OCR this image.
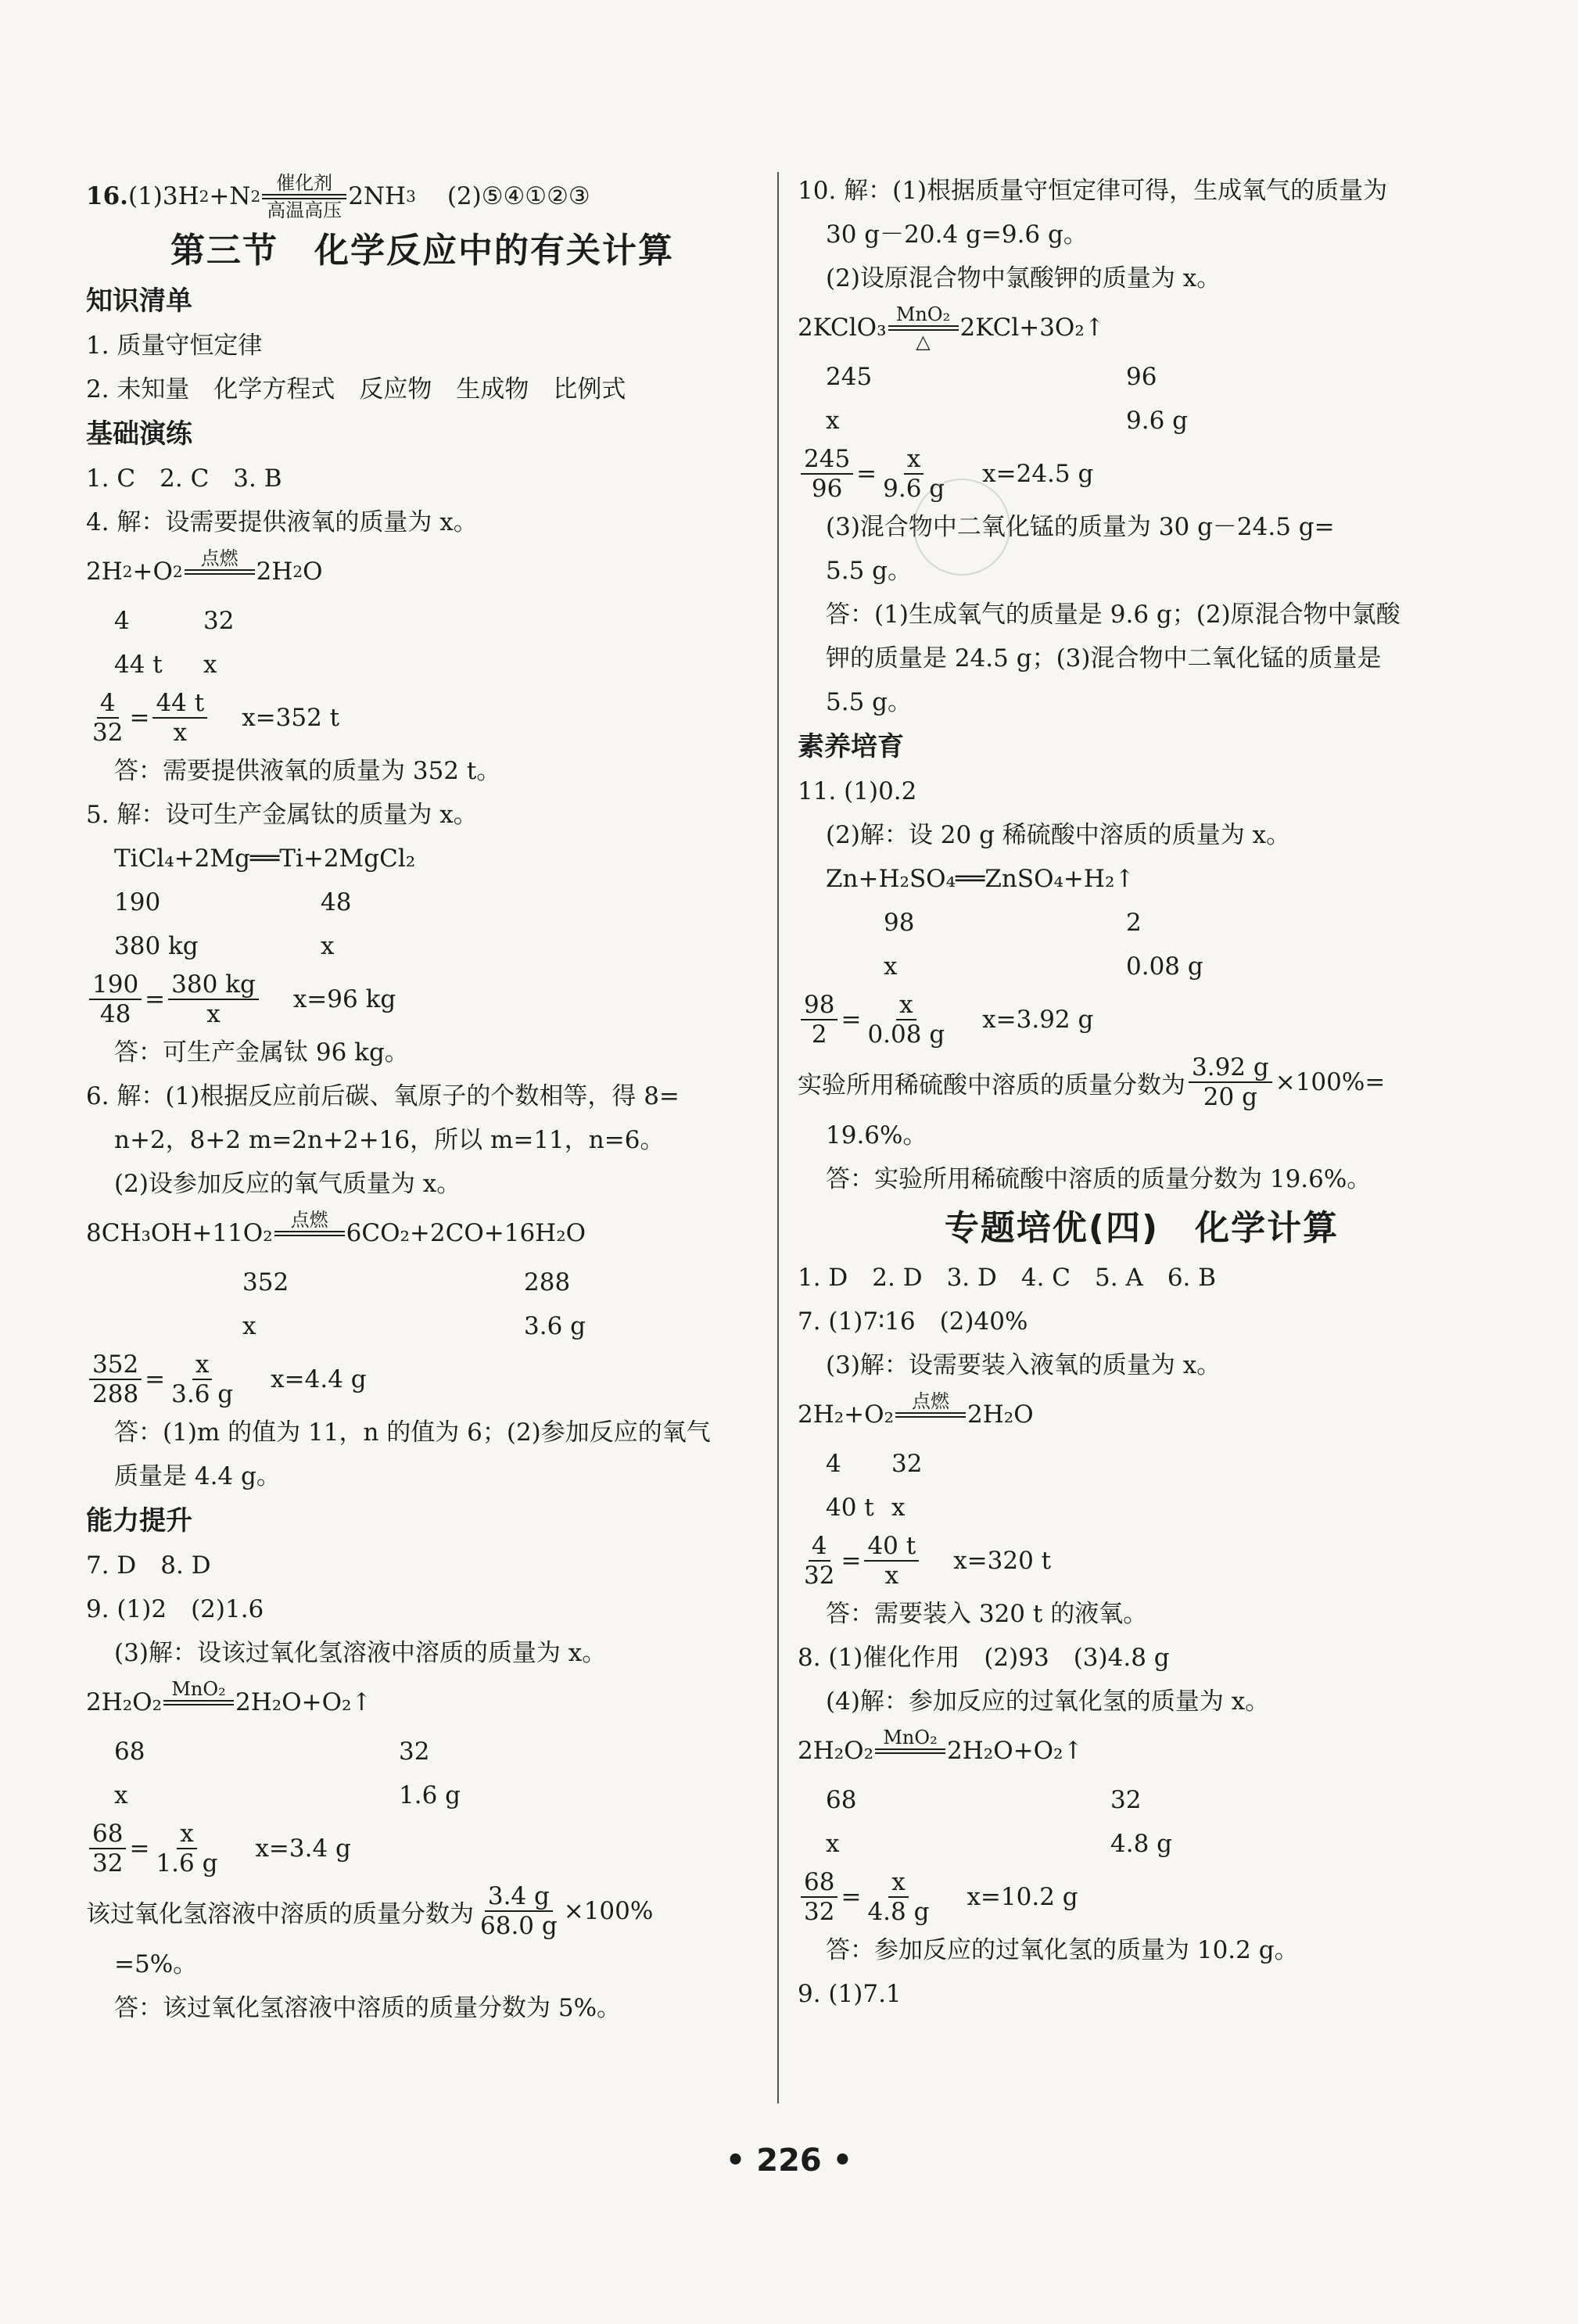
16. (1)3H 2 +N 2
催化剂
高温高压 2NH 3 (2)⑤④①②③
第三节　化学反应中的有关计算
知识清单
1. 质量守恒定律
2. 未知量　化学方程式　反应物　生成物　比例式
基础演练
1. C　2. C　3. B
4. 解：设需要提供液氧的质量为 x。
2H 2 +O 2
点燃
2H 2 O
4	32
44 t x
$\frac{4}{32} = \frac{44 t}{x} x=352$ t
答：需要提供液氧的质量为 352 t。
5. 解：设可生产金属钛的质量为 x。
TiCl₄+2Mg══Ti+2MgCl₂
190	48
380 kg	x
$\frac{190}{48} = \frac{380 kg}{x} x=96$ kg
答：可生产金属钛 96 kg。
6. 解：(1)根据反应前后碳、氧原子的个数相等，得 8=
n+2，8+2 m=2n+2+16，所以 m=11，n=6。
(2)设参加反应的氧气质量为 x。
8CH₃OH+11O₂ 点燃
6CO₂+2CO+16H₂O
352	288
x	3.6 g
$\frac{352}{288} = \frac{x}{3.6 g} x=4.4$ g
答：(1)m 的值为 11，n 的值为 6；(2)参加反应的氧气
质量是 4.4 g。
能力提升
7. D　8. D
9. (1)2　(2)1.6
(3)解：设该过氧化氢溶液中溶质的质量为 x。
2H₂O₂ MnO₂
2H₂O+O₂↑
68	32
x	1.6 g
$\frac{68}{32} = \frac{x}{1.6 g} x=3.4$ g
该过氧化氢溶液中溶质的质量分数为 $\frac{3.4 g}{68.0 g} \times 100\%$
=5%。
答：该过氧化氢溶液中溶质的质量分数为 5%。
10. 解：(1)根据质量守恒定律可得，生成氧气的质量为
30 g－20.4 g=9.6 g。
(2)设原混合物中氯酸钾的质量为 x。
2KClO₃ MnO₂
△ 2KCl+3O₂↑
245	96
x	9.6 g
$\frac{245}{96} = \frac{x}{9.6 g} x=24.5$ g
(3)混合物中二氧化锰的质量为 30 g－24.5 g=
5.5 g。
答：(1)生成氧气的质量是 9.6 g；(2)原混合物中氯酸
钾的质量是 24.5 g；(3)混合物中二氧化锰的质量是
5.5 g。
素养培育
11. (1)0.2
(2)解：设 20 g 稀硫酸中溶质的质量为 x。
Zn+H₂SO₄══ZnSO₄+H₂↑
98	2
x	0.08 g
$\frac{98}{2} = \frac{x}{0.08 g} x=3.92$ g
实验所用稀硫酸中溶质的质量分数为 $\frac{3.92 g}{20 g} \times 100\%=$
19.6%。
答：实验所用稀硫酸中溶质的质量分数为 19.6%。
专题培优(四)　化学计算
1. D　2. D　3. D　4. C　5. A　6. B
7. (1)7∶16　(2)40%
(3)解：设需要装入液氧的质量为 x。
2H₂+O₂ 点燃
2H₂O
4 32
40 t x
$\frac{4}{32} = \frac{40 t}{x} x=320$ t
答：需要装入 320 t 的液氧。
8. (1)催化作用　(2)93　(3)4.8 g
(4)解：参加反应的过氧化氢的质量为 x。
2H₂O₂ MnO₂
2H₂O+O₂↑
68	32
x	4.8 g
$\frac{68}{32} = \frac{x}{4.8 g} x=10.2$ g
答：参加反应的过氧化氢的质量为 10.2 g。
9. (1)7.1
• 226 •
